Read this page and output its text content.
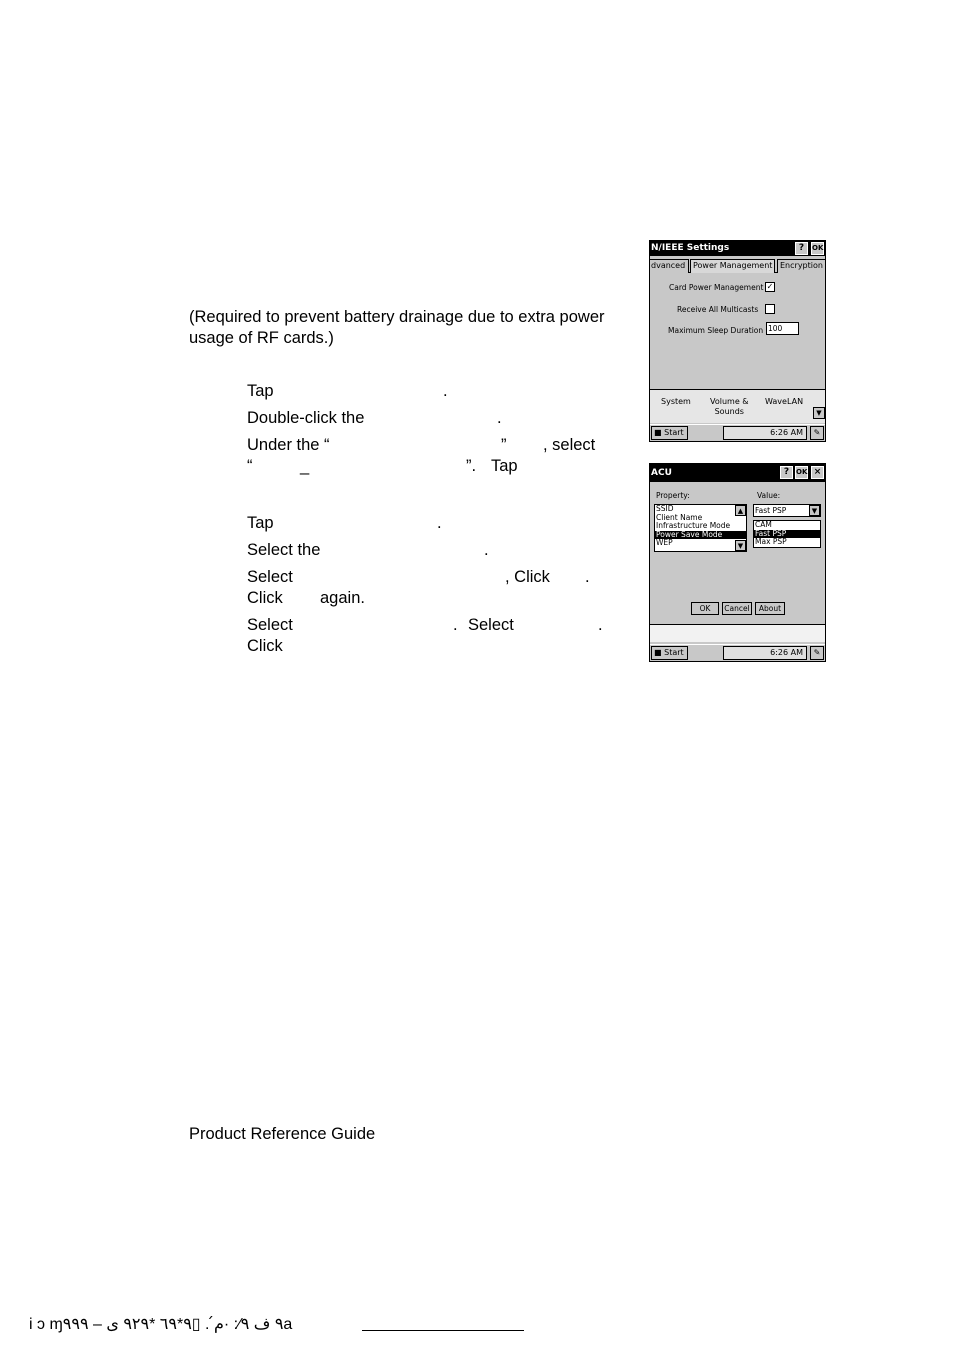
(Required to prevent battery drainage due to extra power usage of RF cards.)
Tap	.
Double-click the	.
Under the “	” , select
“	_	”. Tap
Tap	.
Select the	.
Select	, Click .
Click again.
Select	. Select	.
Click
N/IEEE Settings	?	OK
dvanced Power Management Encryption
Card Power Management ✓
Receive All Multicasts
Maximum Sleep Duration 100
System Volume &
Sounds
WaveLAN
▼
■ Start	6:26 AM	✎
ACU	? OK ×
Property:	Value:
SSID
Client Name
Infrastructure Mode
Power Save Mode
WEP
▲
▼
Fast PSP	▼
CAM
Fast PSP
Max PSP
OK	Cancel	About
■ Start	6:26 AM	✎
Product Reference Guide
i ɔ ɱ٩ ف ٩⁄: ·م́ . ▯٩*٦٩ *٩٢٩ ی – ٩٩٩a
